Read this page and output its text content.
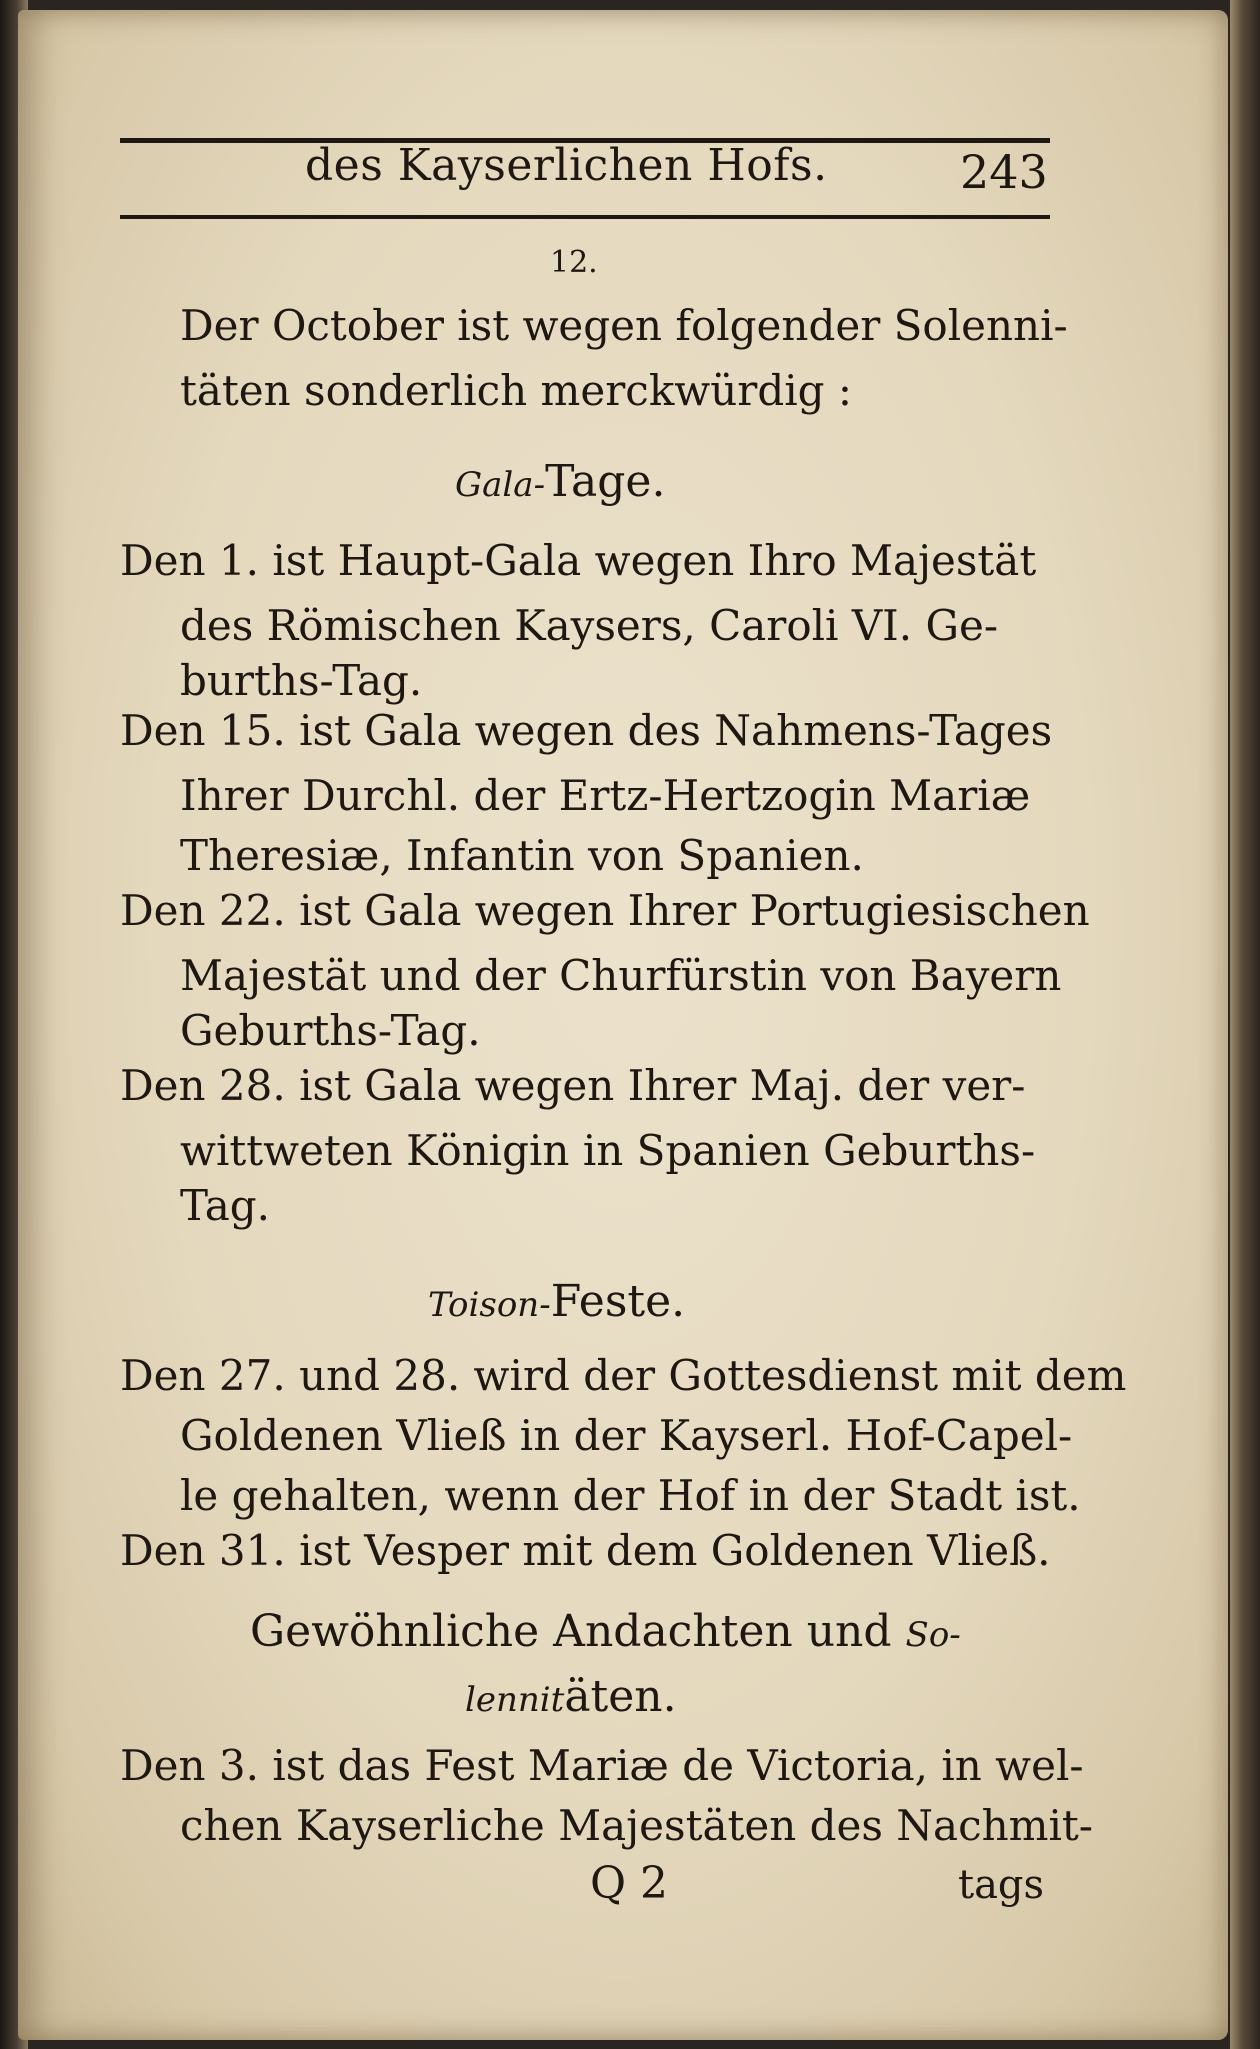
des Kayserlichen Hofs.	243
12.
Der October ist wegen folgender Solenni-
täten sonderlich merckwürdig :
Gala-Tage.
Den 1. ist Haupt-Gala wegen Ihro Majestät
des Römischen Kaysers, Caroli VI. Ge-
burths-Tag.
Den 15. ist Gala wegen des Nahmens-Tages
Ihrer Durchl. der Ertz-Hertzogin Mariæ
Theresiæ, Infantin von Spanien.
Den 22. ist Gala wegen Ihrer Portugiesischen
Majestät und der Churfürstin von Bayern
Geburths-Tag.
Den 28. ist Gala wegen Ihrer Maj. der ver-
wittweten Königin in Spanien Geburths-
Tag.
Toison-Feste.
Den 27. und 28. wird der Gottesdienst mit dem
Goldenen Vließ in der Kayserl. Hof-Capel-
le gehalten, wenn der Hof in der Stadt ist.
Den 31. ist Vesper mit dem Goldenen Vließ.
Gewöhnliche Andachten und So-
lennitäten.
Den 3. ist das Fest Mariæ de Victoria, in wel-
chen Kayserliche Majestäten des Nachmit-
Q 2	tags
